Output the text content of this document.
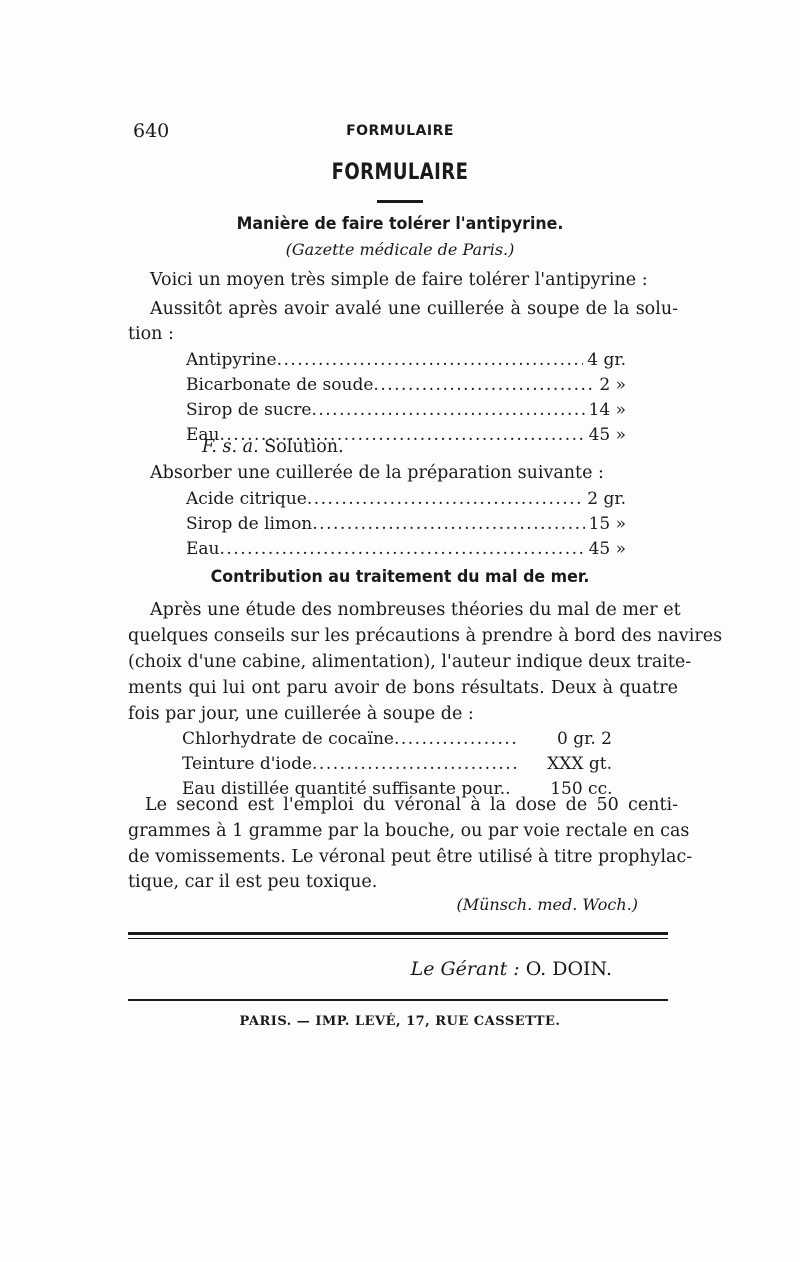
640	FORMULAIRE
FORMULAIRE
Manière de faire tolérer l'antipyrine.
(Gazette médicale de Paris.)
Voici un moyen très simple de faire tolérer l'antipyrine :
Aussitôt après avoir avalé une cuillerée à soupe de la solu-
tion :
Antipyrine .....	4 gr.
Bicarbonate de soude .....	2 »
Sirop de sucre .....	14 »
Eau .....	45 »
F. s. a. Solution.
Absorber une cuillerée de la préparation suivante :
Acide citrique .....	2 gr.
Sirop de limon .....	15 »
Eau .....	45 »
Contribution au traitement du mal de mer.
Après une étude des nombreuses théories du mal de mer et
quelques conseils sur les précautions à prendre à bord des navires
(choix d'une cabine, alimentation), l'auteur indique deux traite-
ments qui lui ont paru avoir de bons résultats. Deux à quatre
fois par jour, une cuillerée à soupe de :
Chlorhydrate de cocaïne .....	0 gr. 2
Teinture d'iode .....	XXX gt.
Eau distillée quantité suffisante pour..	150 cc.
Le second est l'emploi du véronal à la dose de 50 centi-
grammes à 1 gramme par la bouche, ou par voie rectale en cas
de vomissements. Le véronal peut être utilisé à titre prophylac-
tique, car il est peu toxique.
(Münsch. med. Woch.)
Le Gérant : O. DOIN.
PARIS. — IMP. LEVÉ, 17, RUE CASSETTE.
